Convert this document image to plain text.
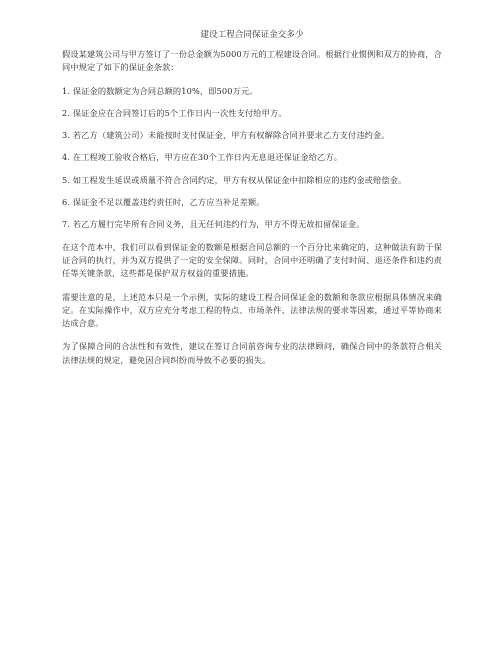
建设工程合同保证金交多少

假设某建筑公司与甲方签订了一份总金额为5000万元的工程建设合同。根据行业惯例和双方的协商，合同中规定了如下的保证金条款：

1. 保证金的数额定为合同总额的10%，即500万元。

2. 保证金应在合同签订后的5个工作日内一次性支付给甲方。

3. 若乙方（建筑公司）未能按时支付保证金，甲方有权解除合同并要求乙方支付违约金。

4. 在工程竣工验收合格后，甲方应在30个工作日内无息退还保证金给乙方。

5. 如工程发生延误或质量不符合合同约定，甲方有权从保证金中扣除相应的违约金或赔偿金。

6. 保证金不足以覆盖违约责任时，乙方应当补足差额。

7. 若乙方履行完毕所有合同义务，且无任何违约行为，甲方不得无故扣留保证金。

在这个范本中，我们可以看到保证金的数额是根据合同总额的一个百分比来确定的，这种做法有助于保证合同的执行，并为双方提供了一定的安全保障。同时，合同中还明确了支付时间、退还条件和违约责任等关键条款，这些都是保护双方权益的重要措施。

需要注意的是，上述范本只是一个示例，实际的建设工程合同保证金的数额和条款应根据具体情况来确定。在实际操作中，双方应充分考虑工程的特点、市场条件、法律法规的要求等因素，通过平等协商来达成合意。

为了保障合同的合法性和有效性，建议在签订合同前咨询专业的法律顾问，确保合同中的条款符合相关法律法规的规定，避免因合同纠纷而导致不必要的损失。
